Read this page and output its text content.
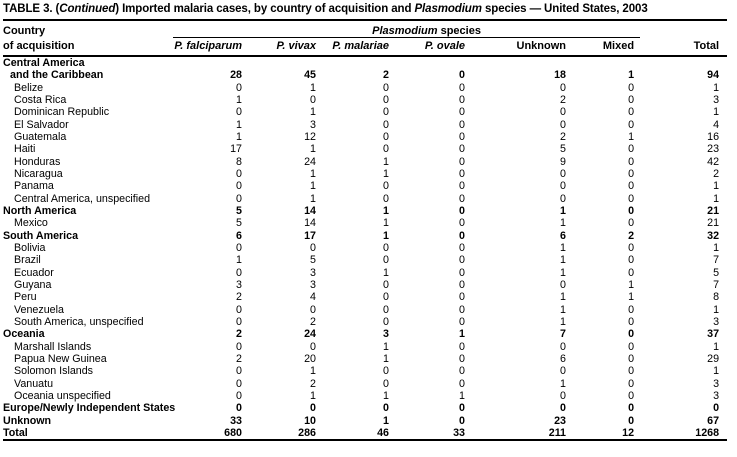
TABLE 3. (Continued) Imported malaria cases, by country of acquisition and Plasmodium species — United States, 2003
Country	Plasmodium species						
of acquisition	P. falciparum	P. vivax	P. malariae	P. ovale	Unknown	Mixed	Total

Central America
and the Caribbean	28	45	2	0	18	1	94
Belize	0	1	0	0	0	0	1
Costa Rica	1	0	0	0	2	0	3
Dominican Republic	0	1	0	0	0	0	1
El Salvador	1	3	0	0	0	0	4
Guatemala	1	12	0	0	2	1	16
Haiti	17	1	0	0	5	0	23
Honduras	8	24	1	0	9	0	42
Nicaragua	0	1	1	0	0	0	2
Panama	0	1	0	0	0	0	1
Central America, unspecified	0	1	0	0	0	0	1
North America	5	14	1	0	1	0	21
Mexico	5	14	1	0	1	0	21
South America	6	17	1	0	6	2	32
Bolivia	0	0	0	0	1	0	1
Brazil	1	5	0	0	1	0	7
Ecuador	0	3	1	0	1	0	5
Guyana	3	3	0	0	0	1	7
Peru	2	4	0	0	1	1	8
Venezuela	0	0	0	0	1	0	1
South America, unspecified	0	2	0	0	1	0	3
Oceania	2	24	3	1	7	0	37
Marshall Islands	0	0	1	0	0	0	1
Papua New Guinea	2	20	1	0	6	0	29
Solomon Islands	0	1	0	0	0	0	1
Vanuatu	0	2	0	0	1	0	3
Oceania unspecified	0	1	1	1	0	0	3
Europe/Newly Independent States	0	0	0	0	0	0	0
Unknown	33	10	1	0	23	0	67
Total	680	286	46	33	211	12	1268
